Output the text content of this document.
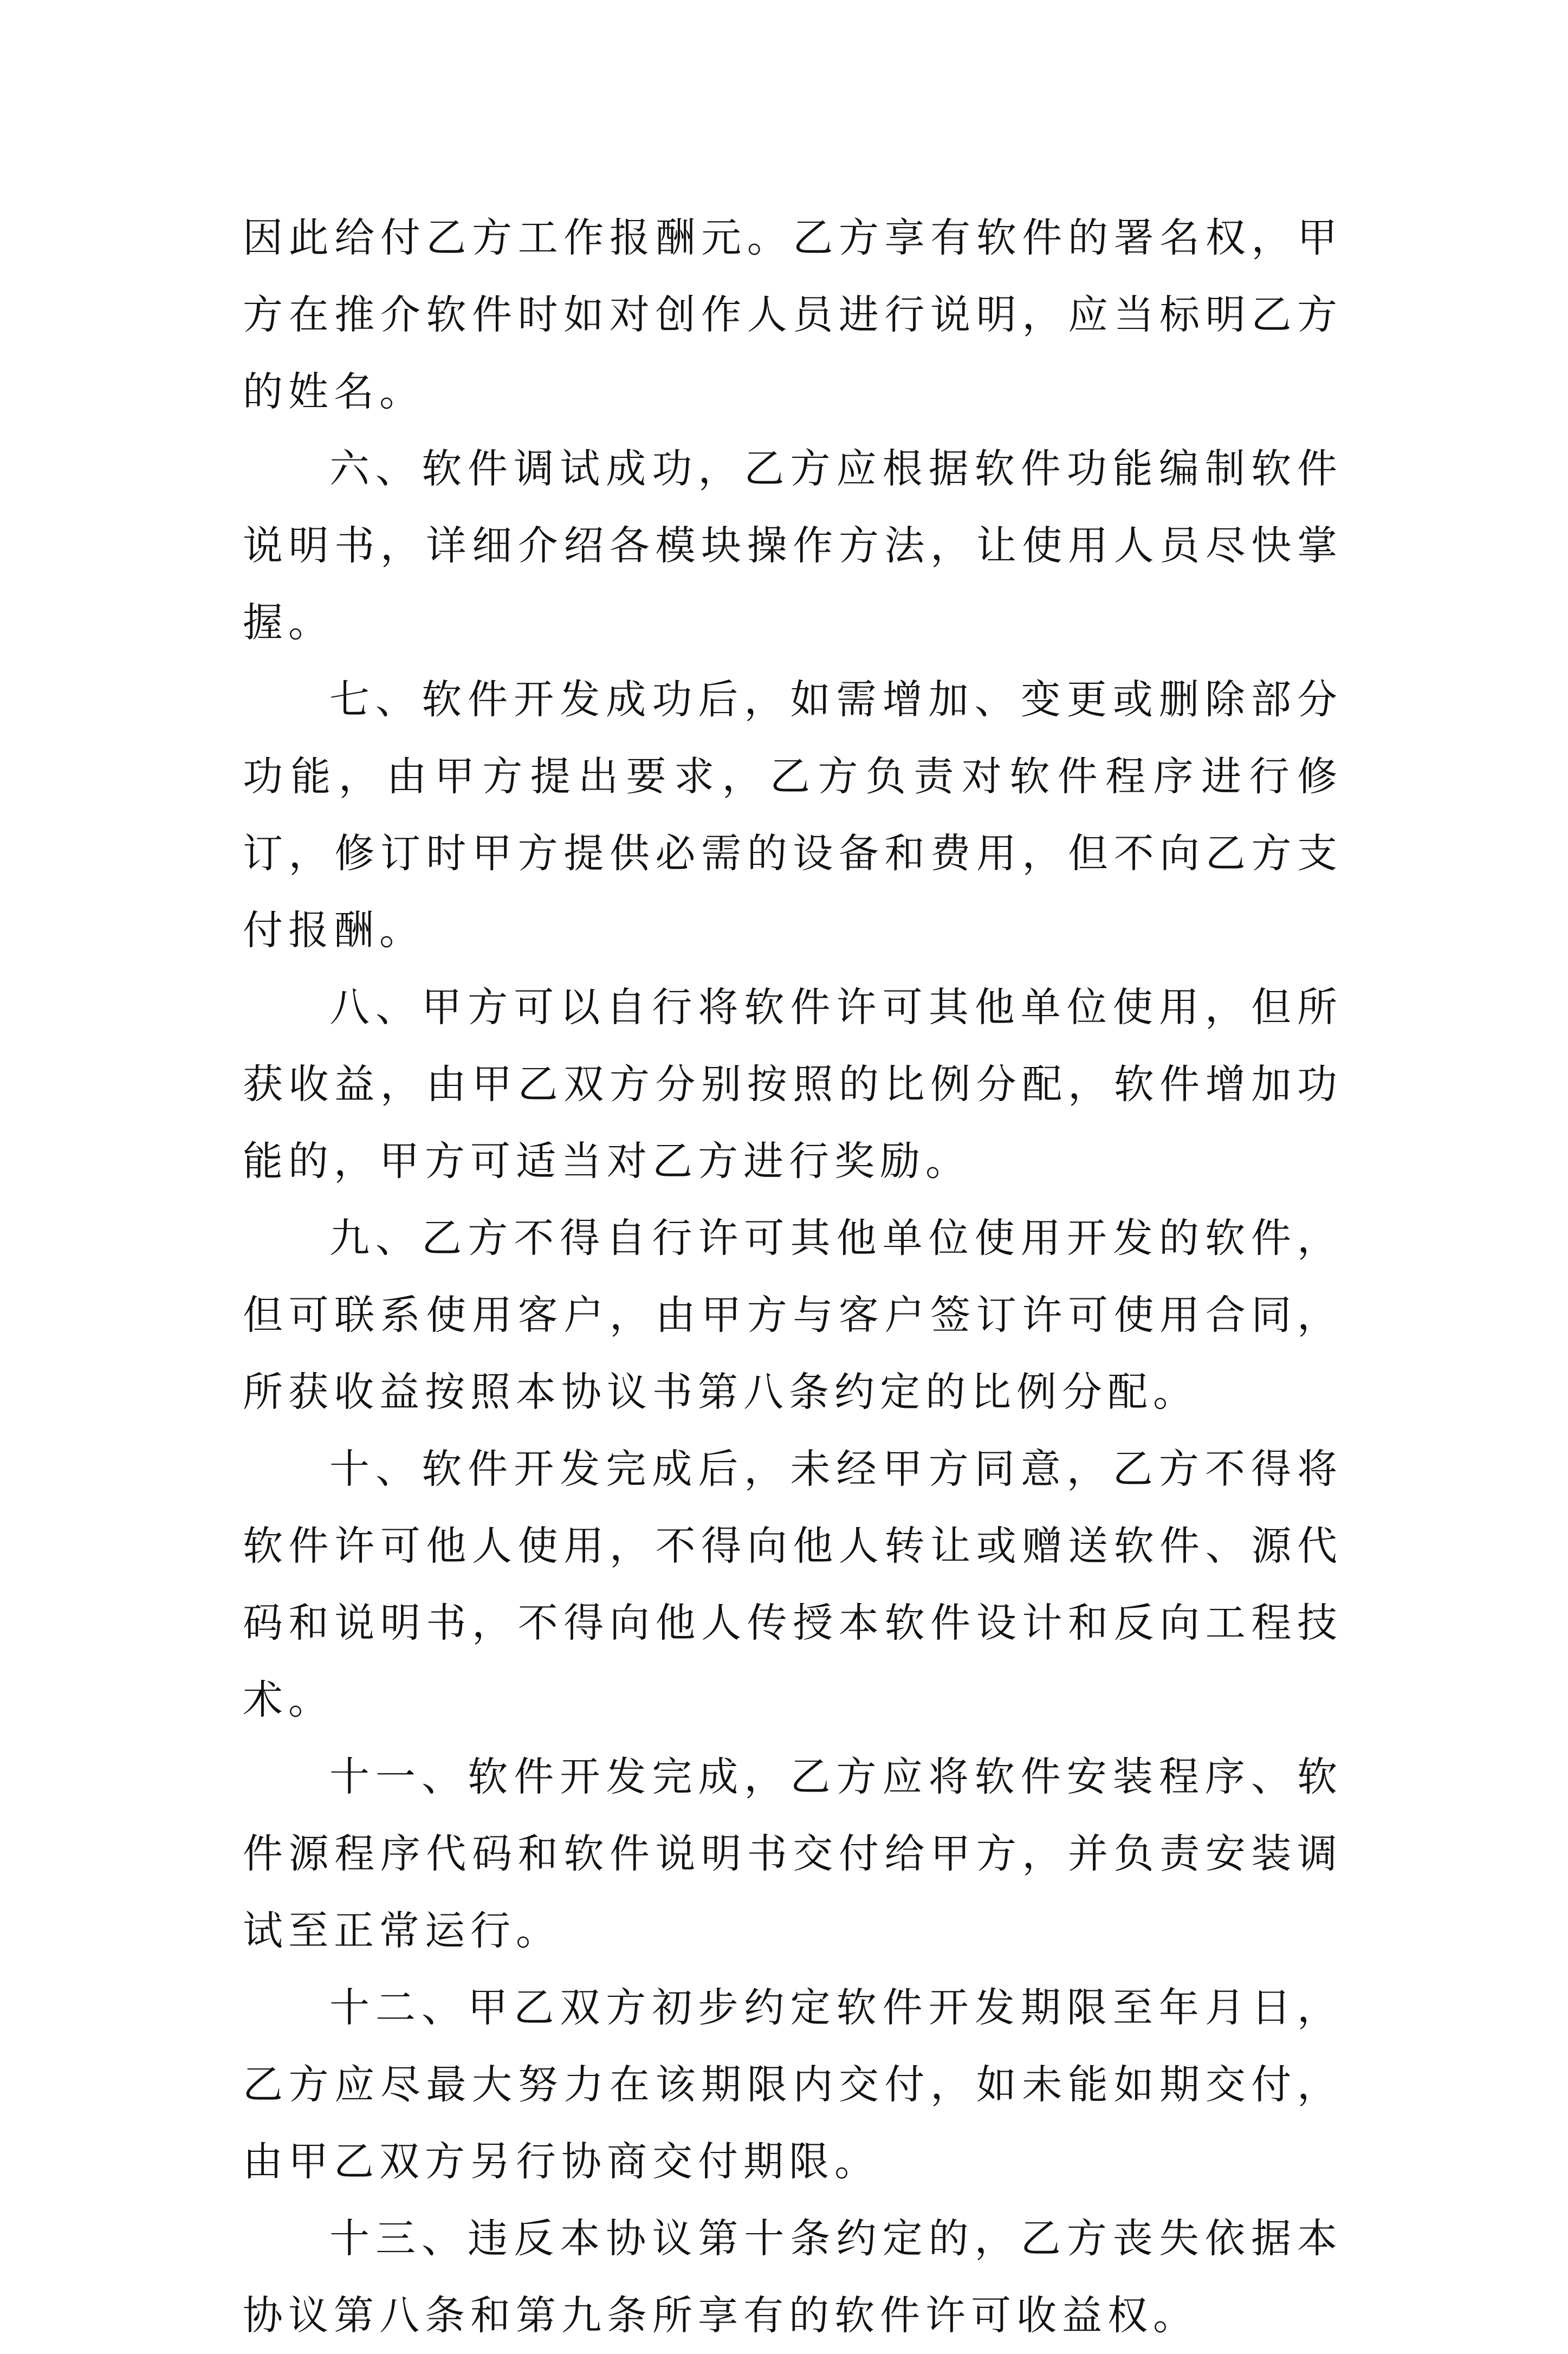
因此给付乙方工作报酬元。乙方享有软件的署名权，甲方在推介软件时如对创作人员进行说明，应当标明乙方的姓名。

六、软件调试成功，乙方应根据软件功能编制软件说明书，详细介绍各模块操作方法，让使用人员尽快掌握。

七、软件开发成功后，如需增加、变更或删除部分功能，由甲方提出要求，乙方负责对软件程序进行修订，修订时甲方提供必需的设备和费用，但不向乙方支付报酬。

八、甲方可以自行将软件许可其他单位使用，但所获收益，由甲乙双方分别按照的比例分配，软件增加功能的，甲方可适当对乙方进行奖励。

九、乙方不得自行许可其他单位使用开发的软件，但可联系使用客户，由甲方与客户签订许可使用合同，所获收益按照本协议书第八条约定的比例分配。

十、软件开发完成后，未经甲方同意，乙方不得将软件许可他人使用，不得向他人转让或赠送软件、源代码和说明书，不得向他人传授本软件设计和反向工程技术。

十一、软件开发完成，乙方应将软件安装程序、软件源程序代码和软件说明书交付给甲方，并负责安装调试至正常运行。

十二、甲乙双方初步约定软件开发期限至年月日，乙方应尽最大努力在该期限内交付，如未能如期交付，由甲乙双方另行协商交付期限。

十三、违反本协议第十条约定的，乙方丧失依据本协议第八条和第九条所享有的软件许可收益权。
